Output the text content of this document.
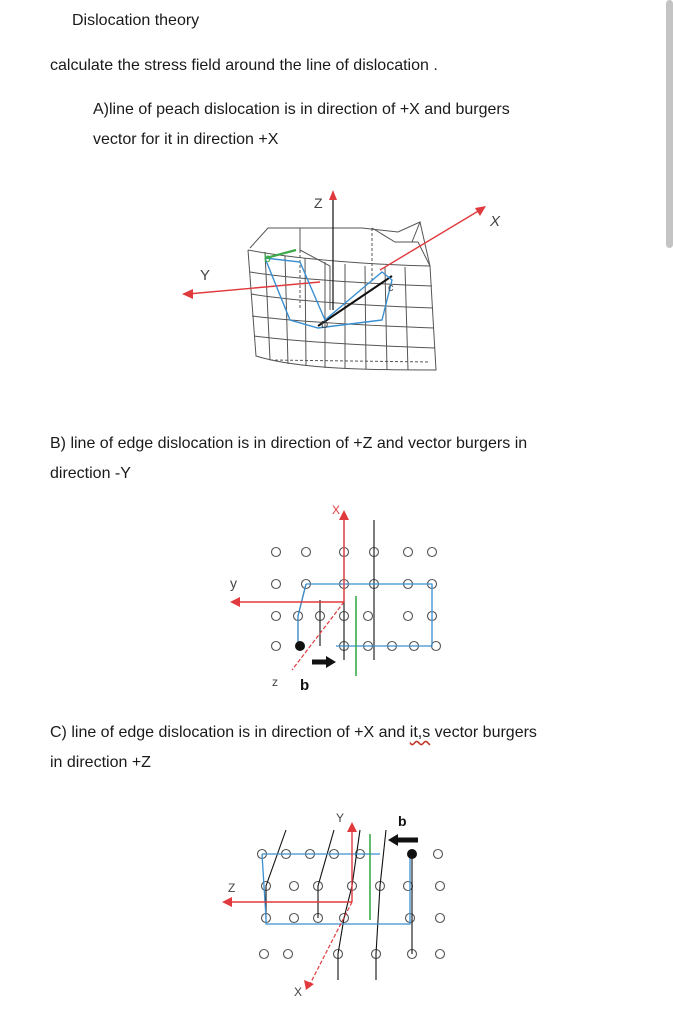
Dislocation theory
calculate the stress field around the line of dislocation .
A)line of peach dislocation is in direction of +X and burgers
vector for it in direction +X
Z
X
Y
b
c
D
B) line of edge dislocation is in direction of +Z and vector burgers in
direction -Y
X
y
z b
C) line of edge dislocation is in direction of +X and it,s vector burgers
in direction +Z
Y
Z
X
b
